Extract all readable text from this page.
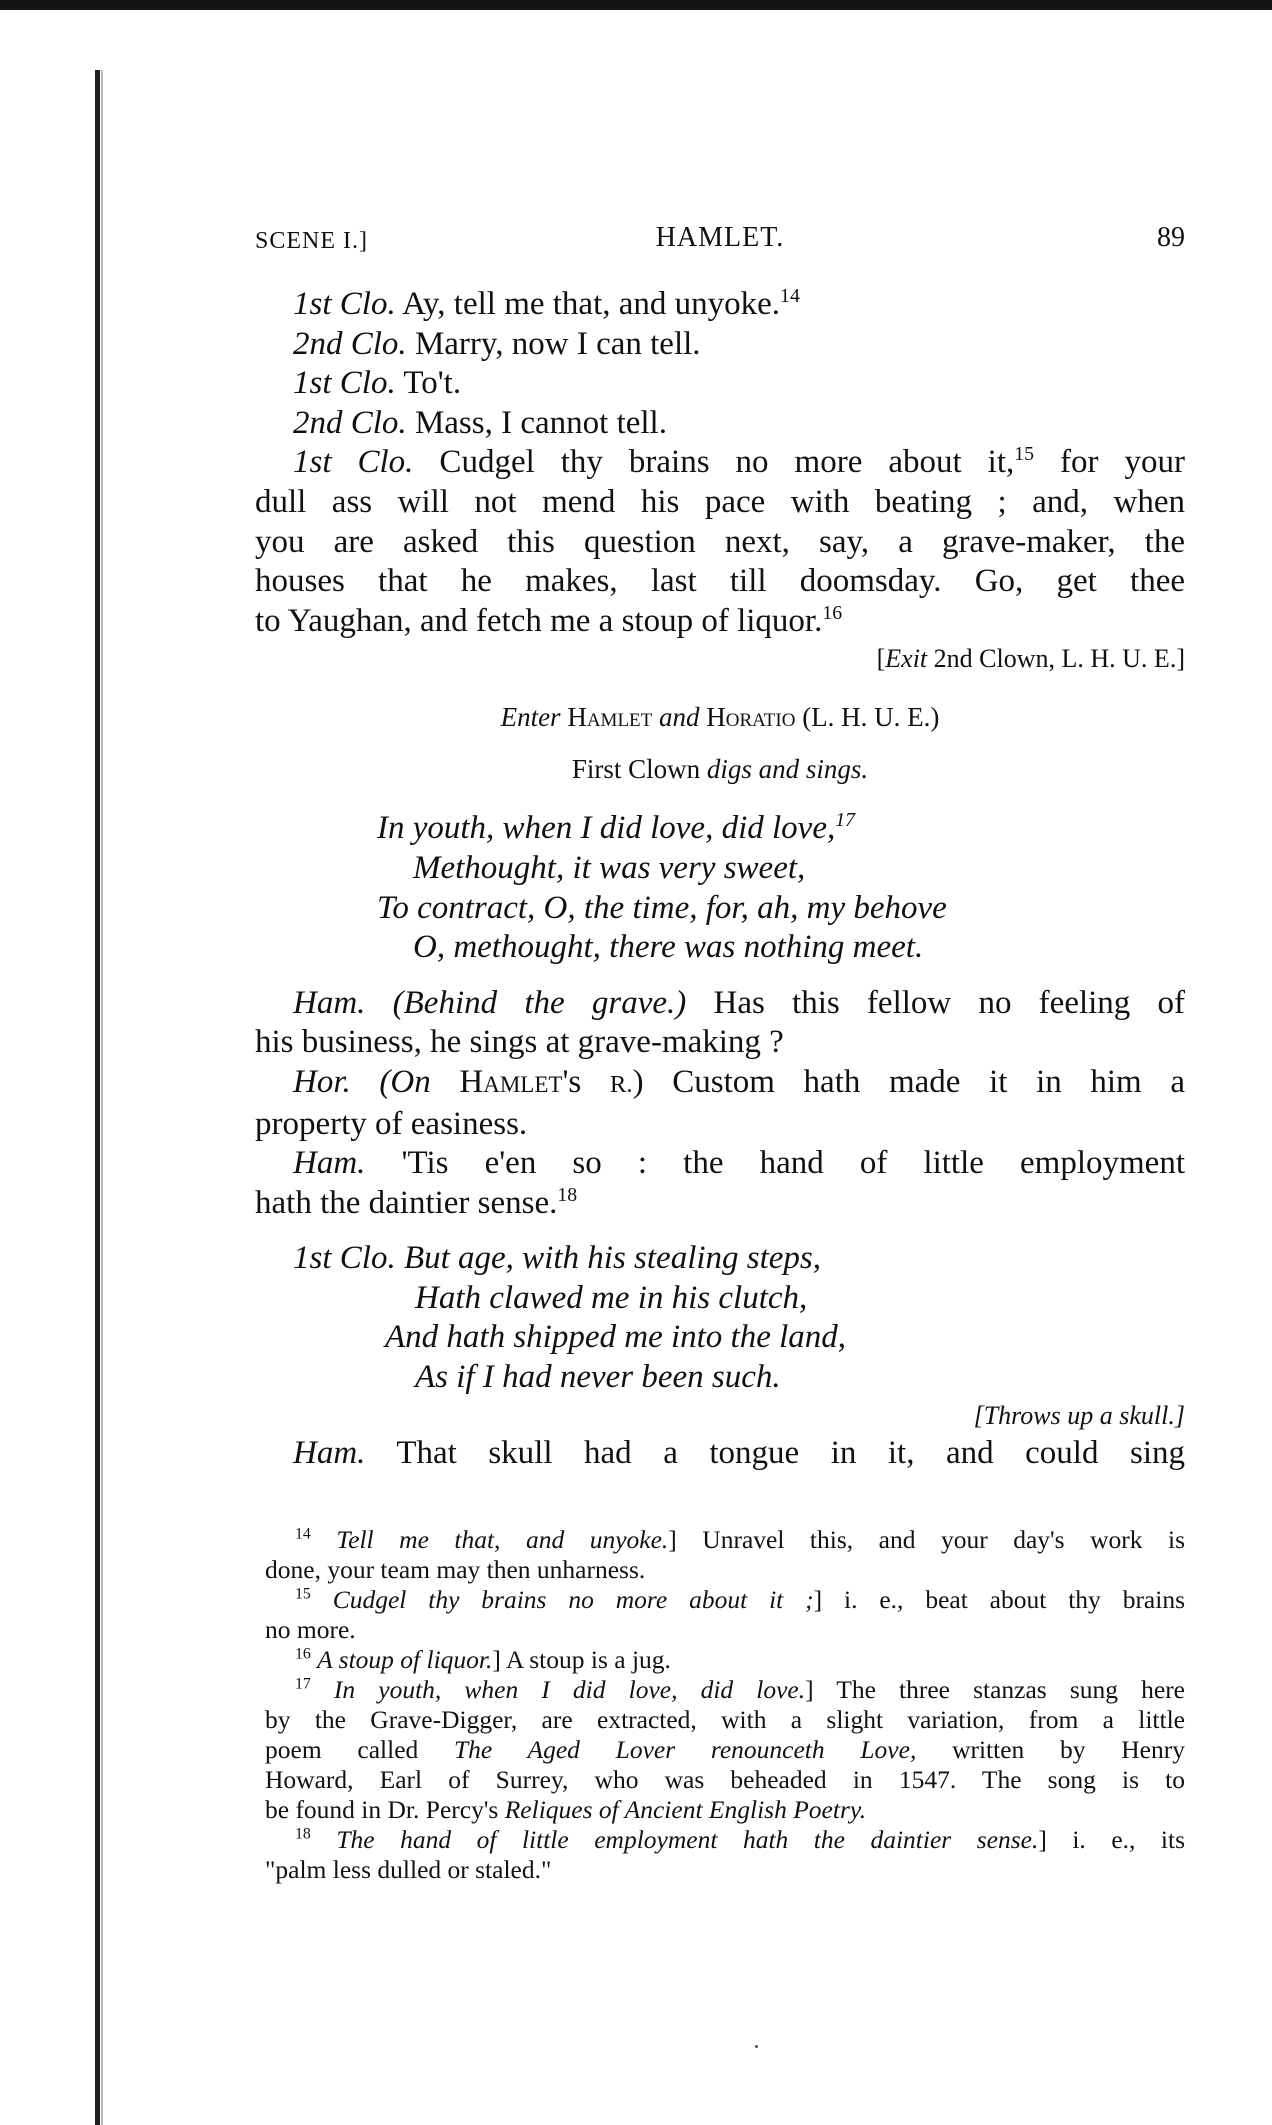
SCENE I.]	HAMLET.	89

1st Clo. Ay, tell me that, and unyoke.$^{14}$

2nd Clo. Marry, now I can tell.

1st Clo. To't.

2nd Clo. Mass, I cannot tell.

1st Clo. Cudgel thy brains no more about it,$^{15}$ for your

dull ass will not mend his pace with beating ; and, when

you are asked this question next, say, a grave-maker, the

houses that he makes, last till doomsday. Go, get thee

to Yaughan, and fetch me a stoup of liquor.$^{16}$

[Exit 2nd Clown, L. H. U. E.]

Enter Hamlet and Horatio (L. H. U. E.)

First Clown digs and sings.

In youth, when I did love, did love,$^{17}$

Methought, it was very sweet,

To contract, O, the time, for, ah, my behove

O, methought, there was nothing meet.

Ham. (Behind the grave.) Has this fellow no feeling of

his business, he sings at grave-making ?

Hor. (On Hamlet's R.) Custom hath made it in him a

property of easiness.

Ham. 'Tis e'en so : the hand of little employment

hath the daintier sense.$^{18}$

1st Clo. But age, with his stealing steps,

Hath clawed me in his clutch,

And hath shipped me into the land,

As if I had never been such.

[Throws up a skull.]

Ham. That skull had a tongue in it, and could sing

$^{14}$ Tell me that, and unyoke.] Unravel this, and your day's work is

done, your team may then unharness.

$^{15}$ Cudgel thy brains no more about it ;] i. e., beat about thy brains

no more.

$^{16}$ A stoup of liquor.] A stoup is a jug.

$^{17}$ In youth, when I did love, did love.] The three stanzas sung here

by the Grave-Digger, are extracted, with a slight variation, from a little

poem called The Aged Lover renounceth Love, written by Henry

Howard, Earl of Surrey, who was beheaded in 1547. The song is to

be found in Dr. Percy's Reliques of Ancient English Poetry.

$^{18}$ The hand of little employment hath the daintier sense.] i. e., its

"palm less dulled or staled."
